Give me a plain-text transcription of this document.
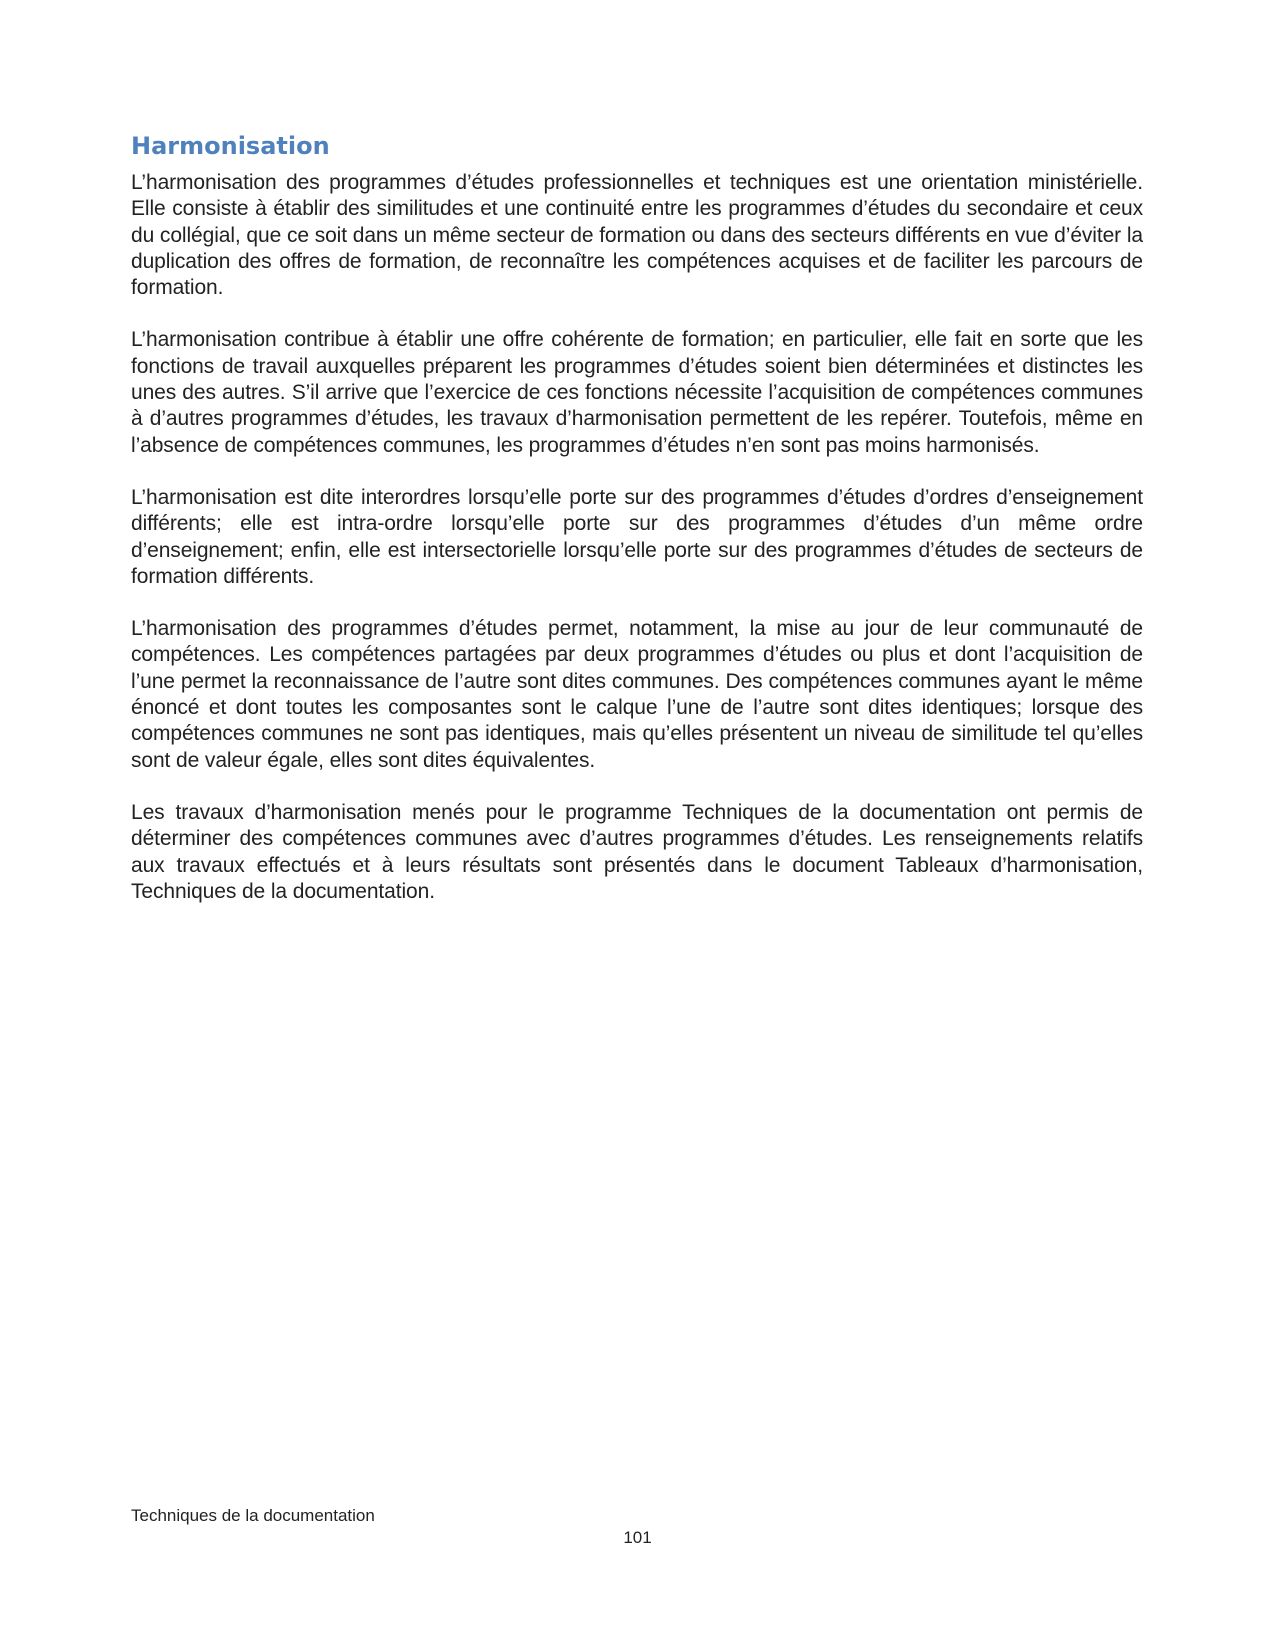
Harmonisation

L’harmonisation des programmes d’études professionnelles et techniques est une orientation ministérielle. Elle consiste à établir des similitudes et une continuité entre les programmes d’études du secondaire et ceux du collégial, que ce soit dans un même secteur de formation ou dans des secteurs différents en vue d’éviter la duplication des offres de formation, de reconnaître les compétences acquises et de faciliter les parcours de formation.

L’harmonisation contribue à établir une offre cohérente de formation; en particulier, elle fait en sorte que les fonctions de travail auxquelles préparent les programmes d’études soient bien déterminées et distinctes les unes des autres. S’il arrive que l’exercice de ces fonctions nécessite l’acquisition de compétences communes à d’autres programmes d’études, les travaux d’harmonisation permettent de les repérer. Toutefois, même en l’absence de compétences communes, les programmes d’études n’en sont pas moins harmonisés.

L’harmonisation est dite interordres lorsqu’elle porte sur des programmes d’études d’ordres d’enseignement différents; elle est intra-ordre lorsqu’elle porte sur des programmes d’études d’un même ordre d’enseignement; enfin, elle est intersectorielle lorsqu’elle porte sur des programmes d’études de secteurs de formation différents.

L’harmonisation des programmes d’études permet, notamment, la mise au jour de leur communauté de compétences. Les compétences partagées par deux programmes d’études ou plus et dont l’acquisition de l’une permet la reconnaissance de l’autre sont dites communes. Des compétences communes ayant le même énoncé et dont toutes les composantes sont le calque l’une de l’autre sont dites identiques; lorsque des compétences communes ne sont pas identiques, mais qu’elles présentent un niveau de similitude tel qu’elles sont de valeur égale, elles sont dites équivalentes.

Les travaux d’harmonisation menés pour le programme Techniques de la documentation ont permis de déterminer des compétences communes avec d’autres programmes d’études. Les renseignements relatifs aux travaux effectués et à leurs résultats sont présentés dans le document Tableaux d’harmonisation, Techniques de la documentation.

Techniques de la documentation
101
